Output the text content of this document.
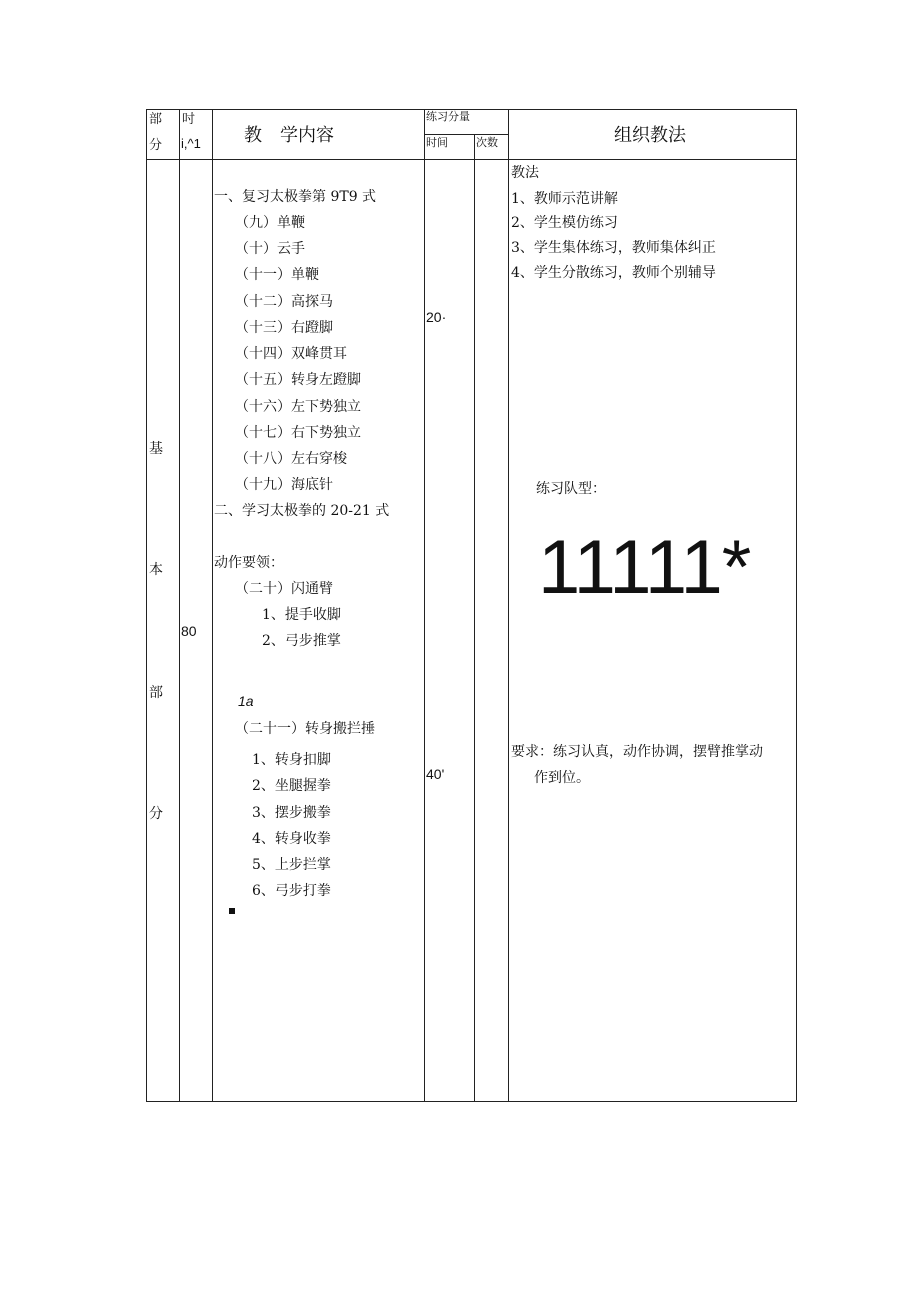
部
分
吋
i,^1 教　学内容
练习分量
时间	次数	组织教法
基
本
部
分
80
一、复习太极拳第 9T9 式
（九）单鞭
（十）云手
（十一）单鞭
（十二）高探马
（十三）右蹬脚
（十四）双峰贯耳
（十五）转身左蹬脚
（十六）左下势独立
（十七）右下势独立
（十八）左右穿梭
（十九）海底针
二、学习太极拳的 20-21 式
动作要领：
（二十）闪通臂
1、提手收脚
2、弓步推掌
1a
（二十一）转身搬拦捶
1、转身扣脚
2、坐腿握拳
3、摆步搬拳
4、转身收拳
5、上步拦掌
6、弓步打拳
20·
40'
教法
1、教师示范讲解
2、学生模仿练习
3、学生集体练习，教师集体纠正
4、学生分散练习，教师个别辅导
练习队型：
11111*
要求：练习认真，动作协调，摆臂推掌动
作到位。
